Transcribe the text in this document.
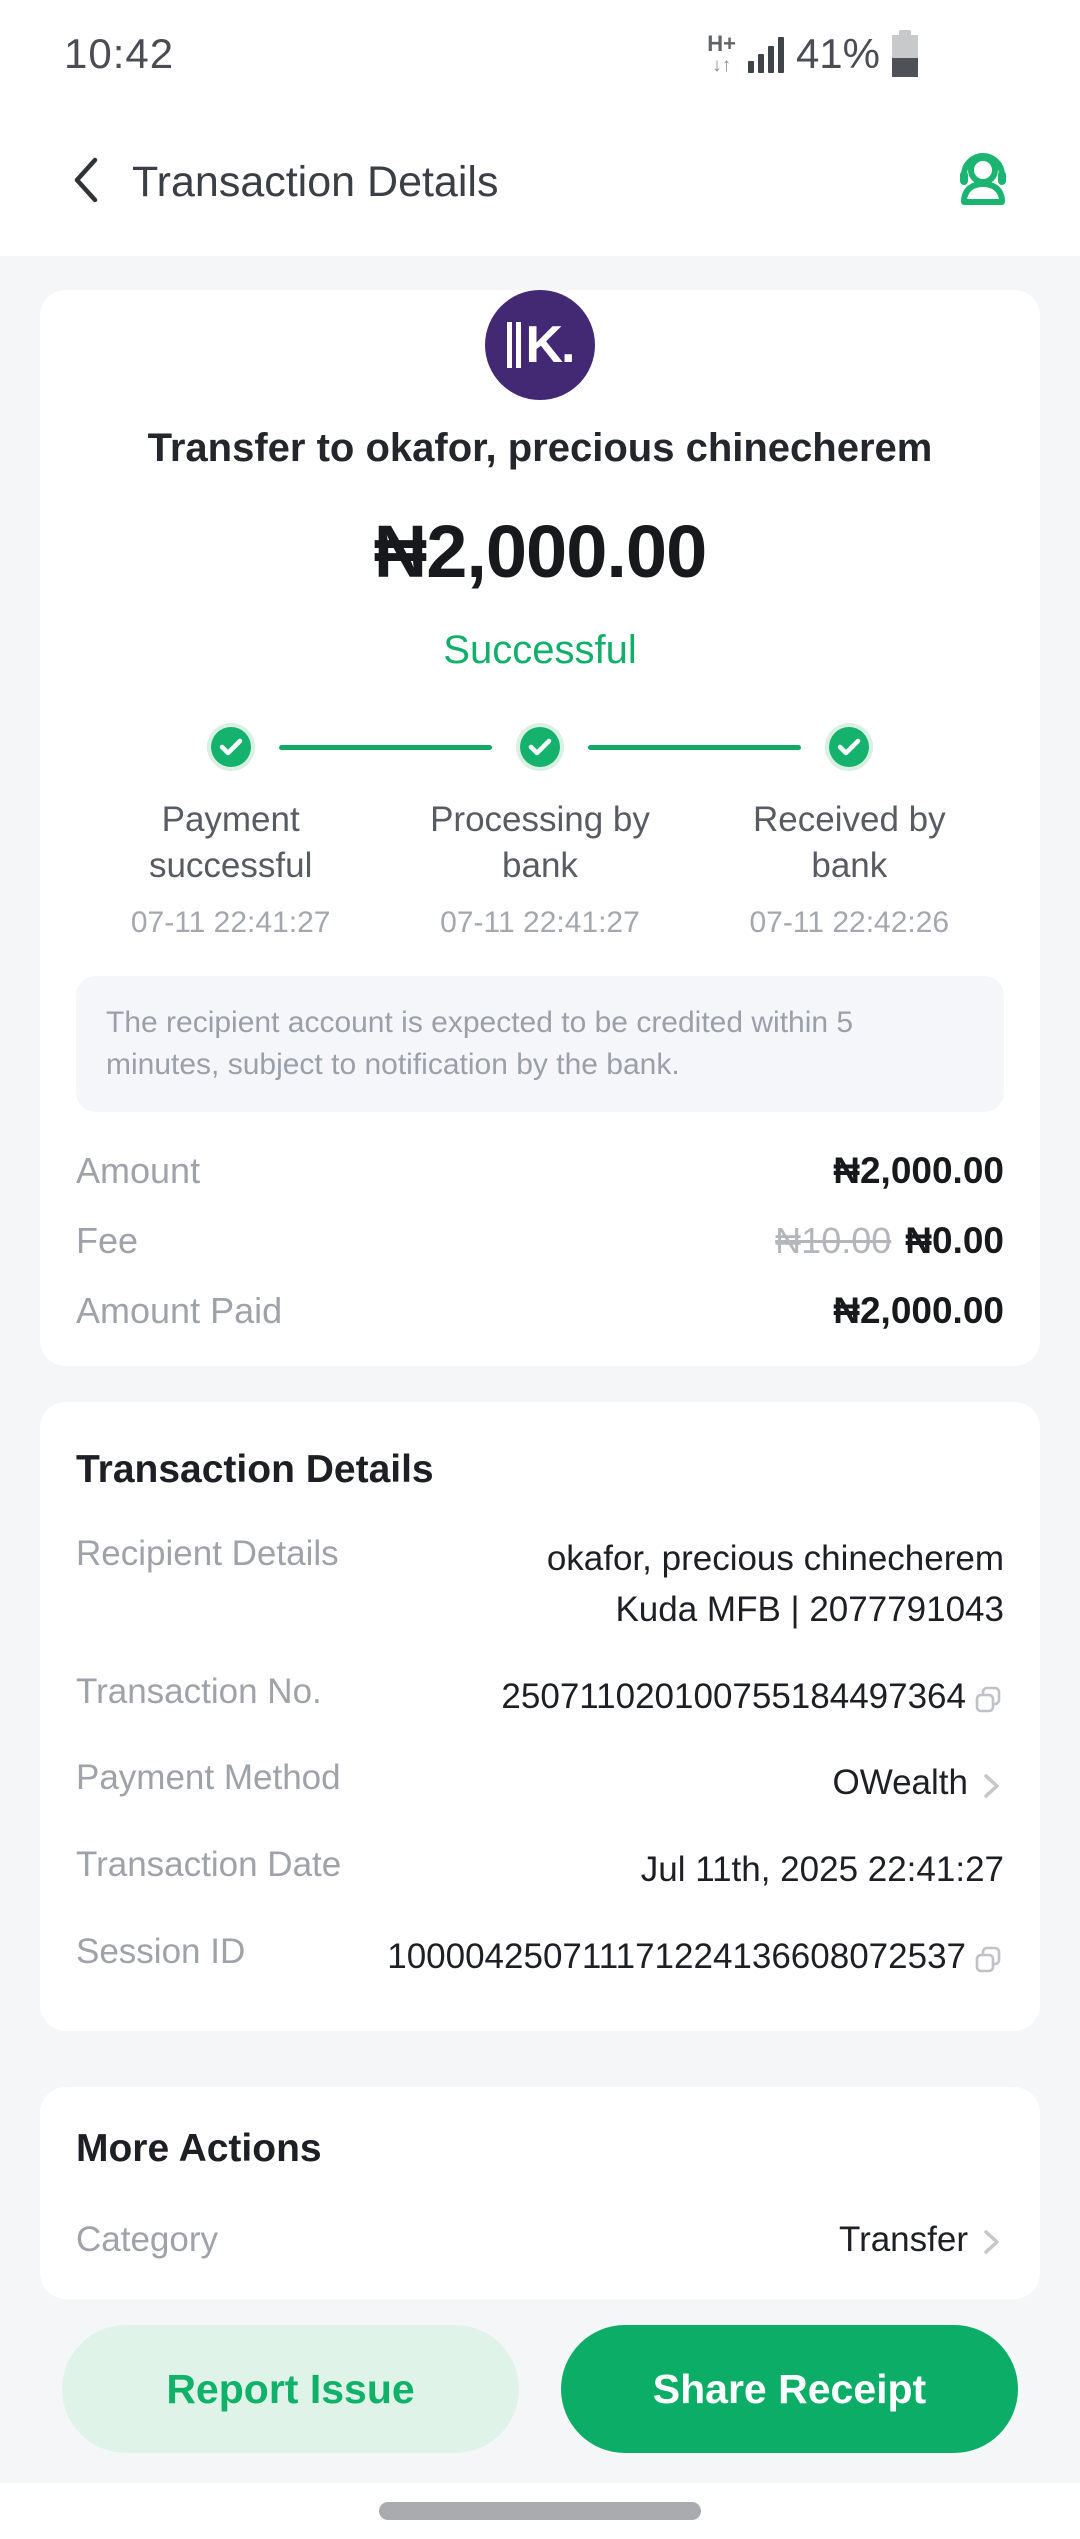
10:42	H+
↓↑ 41%
Transaction Details
K.
Transfer to okafor, precious chinecherem
₦2,000.00
Successful
Payment successful
Processing by bank
Received by bank
07-11 22:41:27	07-11 22:41:27	07-11 22:42:26
The recipient account is expected to be credited within 5 minutes, subject to notification by the bank.
Amount	₦2,000.00
Fee	₦10.00 ₦0.00
Amount Paid	₦2,000.00
Transaction Details
Recipient Details	okafor, precious chinecherem
Kuda MFB | 2077791043
Transaction No.	250711020100755184497364
Payment Method	OWealth
Transaction Date	Jul 11th, 2025 22:41:27
Session ID	100004250711171224136608072537
More Actions
Category	Transfer
Report Issue	Share Receipt
